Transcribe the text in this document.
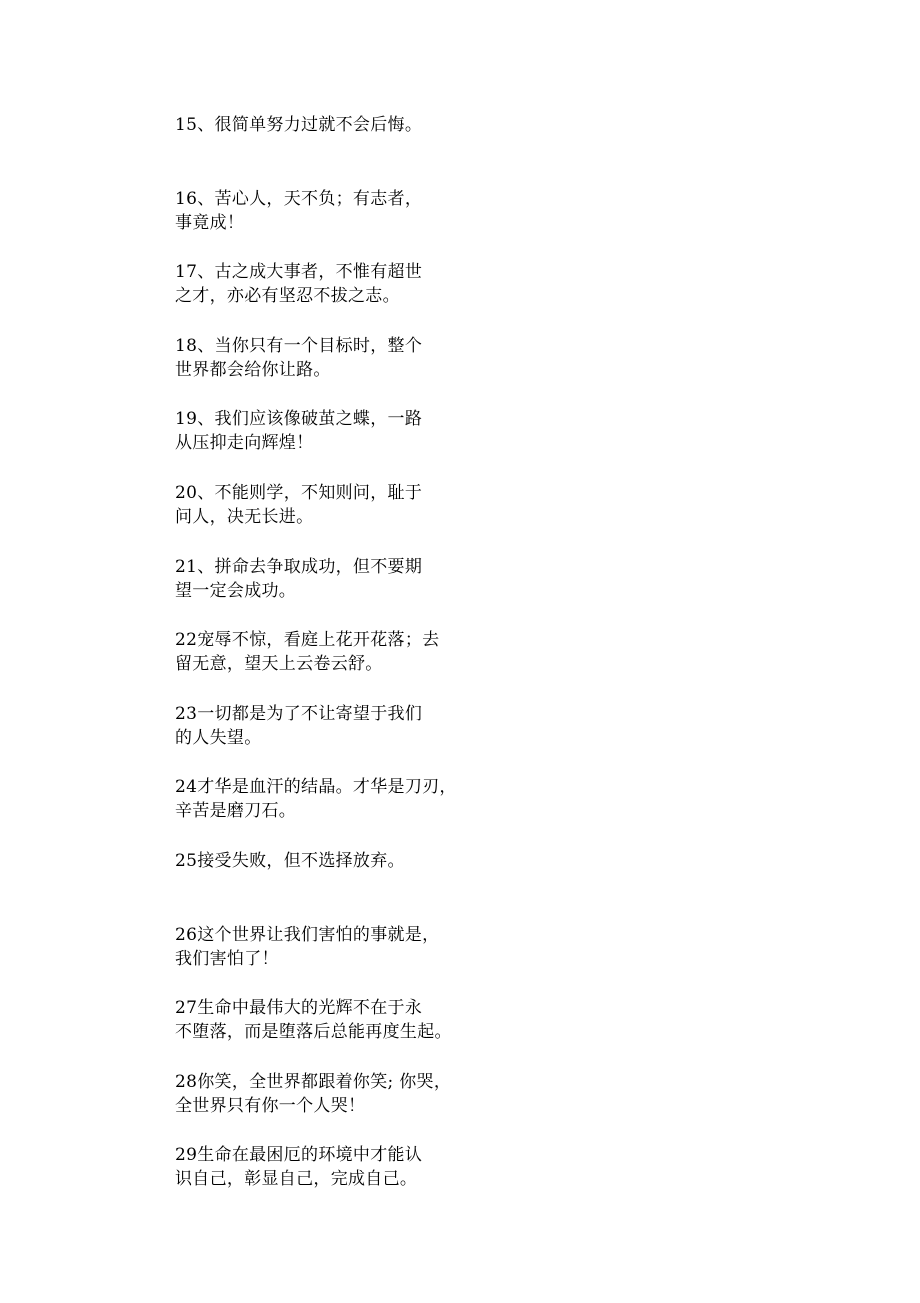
15、很简单努力过就不会后悔。
16、苦心人，天不负；有志者，
事竟成！
17、古之成大事者，不惟有超世
之才，亦必有坚忍不拔之志。
18、当你只有一个目标时，整个
世界都会给你让路。
19、我们应该像破茧之蝶，一路
从压抑走向辉煌！
20、不能则学，不知则问，耻于
问人，决无长进。
21、拼命去争取成功，但不要期
望一定会成功。
22宠辱不惊，看庭上花开花落；去
留无意，望天上云卷云舒。
23一切都是为了不让寄望于我们
的人失望。
24才华是血汗的结晶。才华是刀刃，
辛苦是磨刀石。
25接受失败，但不选择放弃。
26这个世界让我们害怕的事就是，
我们害怕了！
27生命中最伟大的光辉不在于永
不堕落，而是堕落后总能再度生起。
28你笑，全世界都跟着你笑; 你哭，
全世界只有你一个人哭！
29生命在最困厄的环境中才能认
识自己，彰显自己，完成自己。
